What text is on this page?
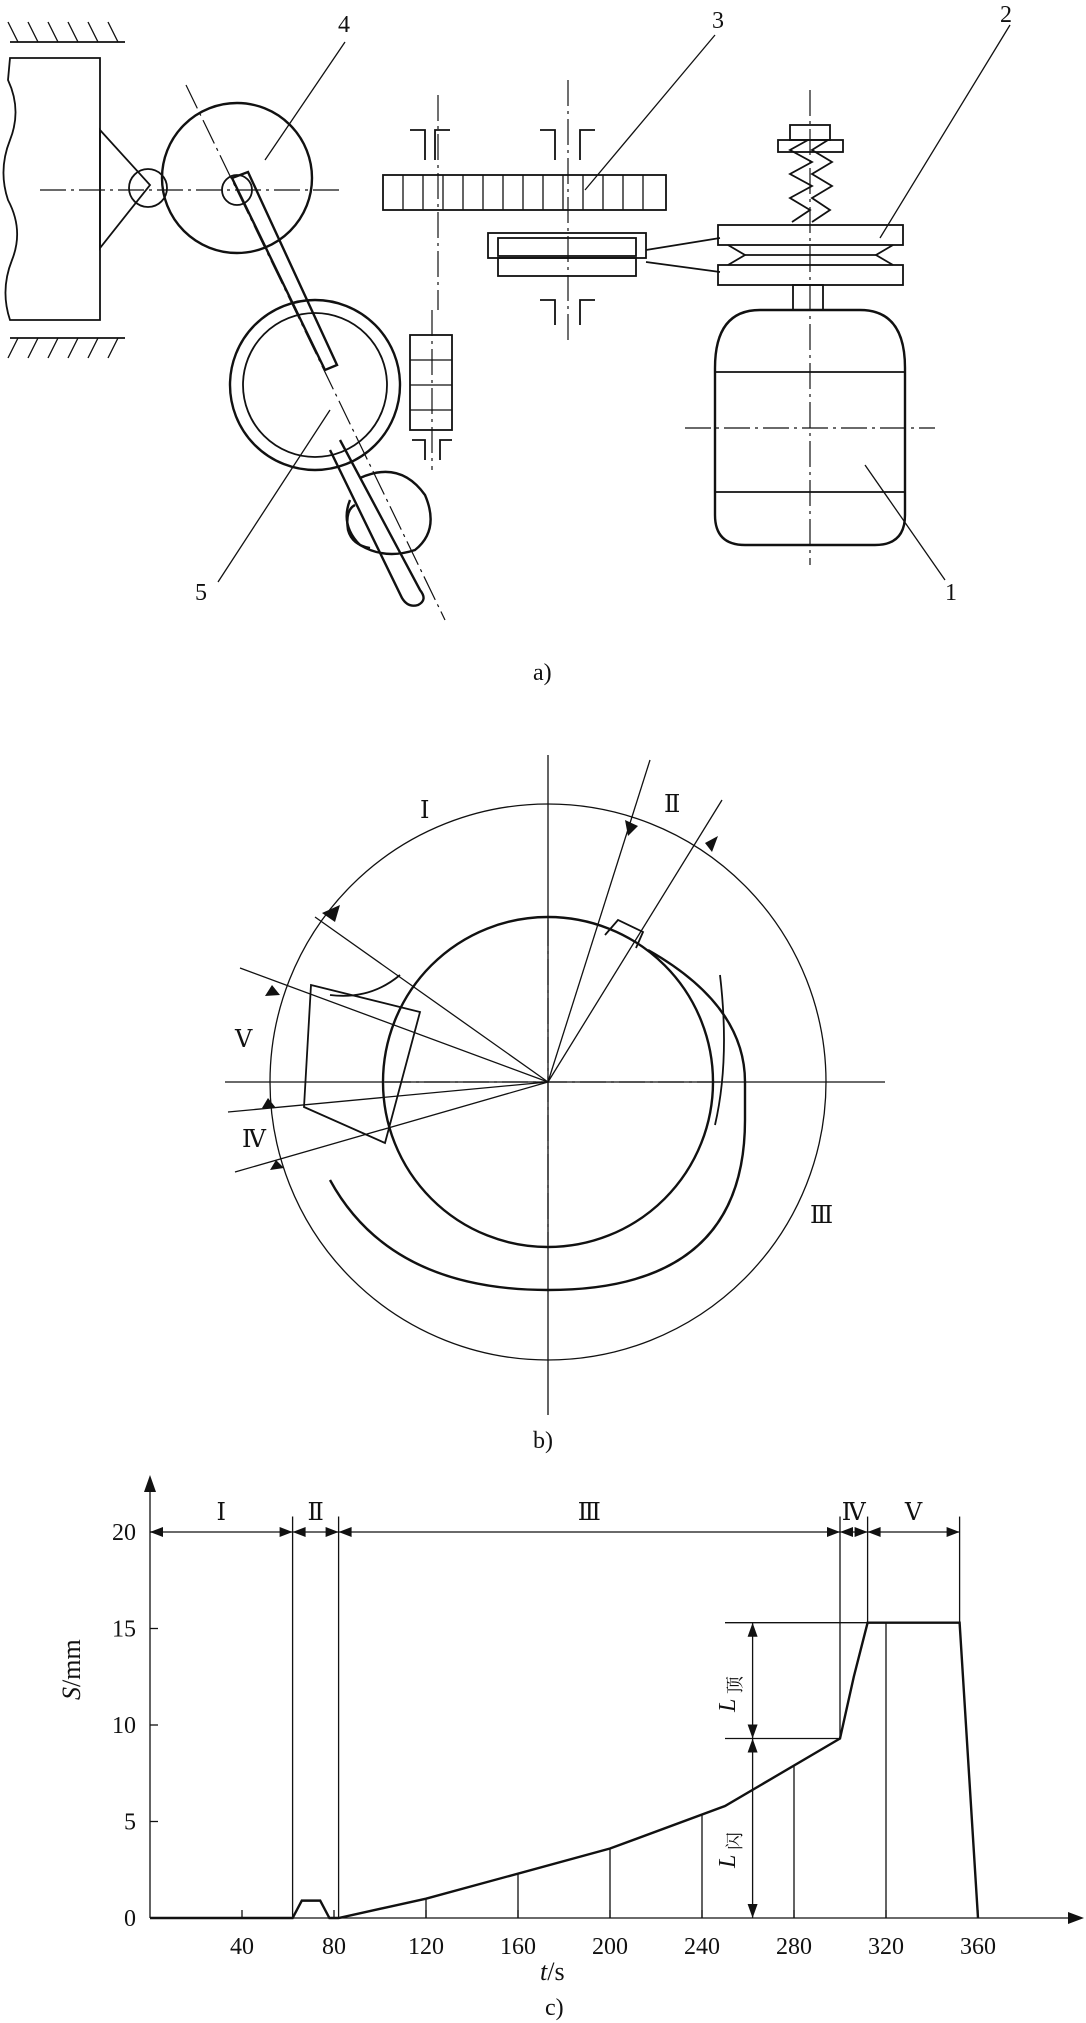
4	3	2
5	1
a)
Ⅰ	Ⅱ
Ⅲ
Ⅳ
Ⅴ
b)
0
5
10
15
20
40	80	120 160 200 240 280 320 360
Ⅰ	Ⅱ	Ⅲ	Ⅳ Ⅴ
L
顶
L
闪
S/mm
t/s
c)
